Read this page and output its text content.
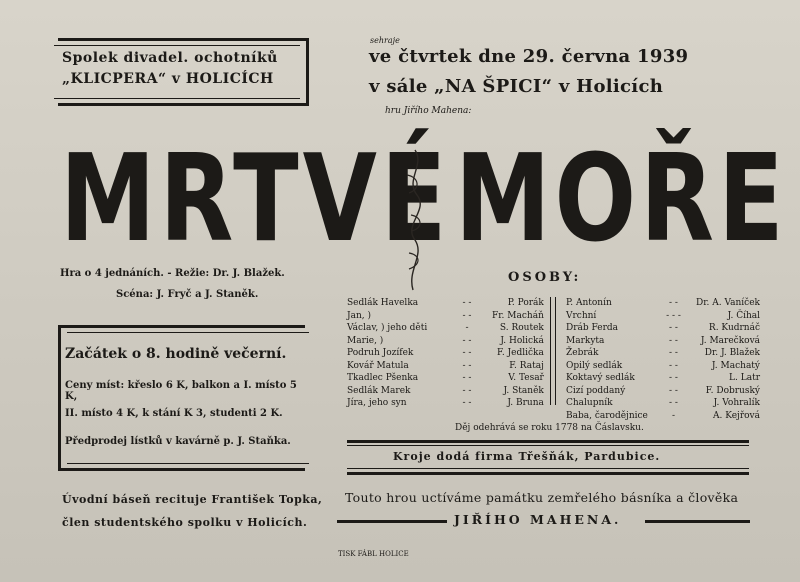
Spolek divadel. ochotníků
„KLICPERA“ v HOLICÍCH
sehraje
ve čtvrtek dne 29. června 1939
v sále „NA ŠPICI“ v Holicích
hru Jiřího Mahena:
MRTVÉ MOŘE
Hra o 4 jednáních. - Režie: Dr. J. Blažek.
Scéna: J. Fryč a J. Staněk.
OSOBY:
Sedlák Havelka	- -	P. Porák
Jan, )	- -	Fr. Macháň
Václav, ) jeho děti	-	S. Routek
Marie, )	- -	J. Holická
Podruh Jozífek	- -	F. Jedlička
Kovář Matula	- -	F. Rataj
Tkadlec Pšenka	- -	V. Tesař
Sedlák Marek	- -	J. Staněk
Jíra, jeho syn	- -	J. Bruna
P. Antonín	- -	Dr. A. Vaníček
Vrchní	- - -	J. Číhal
Dráb Ferda	- -	R. Kudrnáč
Markyta	- -	J. Marečková
Žebrák	- -	Dr. J. Blažek
Opilý sedlák	- -	J. Machatý
Koktavý sedlák	- -	L. Latr
Cizí poddaný	- -	F. Dobruský
Chalupník	- -	J. Vohralík
Baba, čarodějnice	-	A. Kejřová
Děj odehrává se roku 1778 na Čáslavsku.
Kroje dodá firma Třešňák, Pardubice.
Začátek o 8. hodině večerní.
Ceny míst: křeslo 6 K, balkon a I. místo 5 K,
II. místo 4 K, k stání K 3, studenti 2 K.
Předprodej lístků v kavárně p. J. Staňka.
Úvodní báseň recituje František Topka,
člen studentského spolku v Holicích.
Touto hrou uctíváme památku zemřelého básníka a člověka
JIŘÍHO MAHENA.
TISK FÁBL HOLICE
